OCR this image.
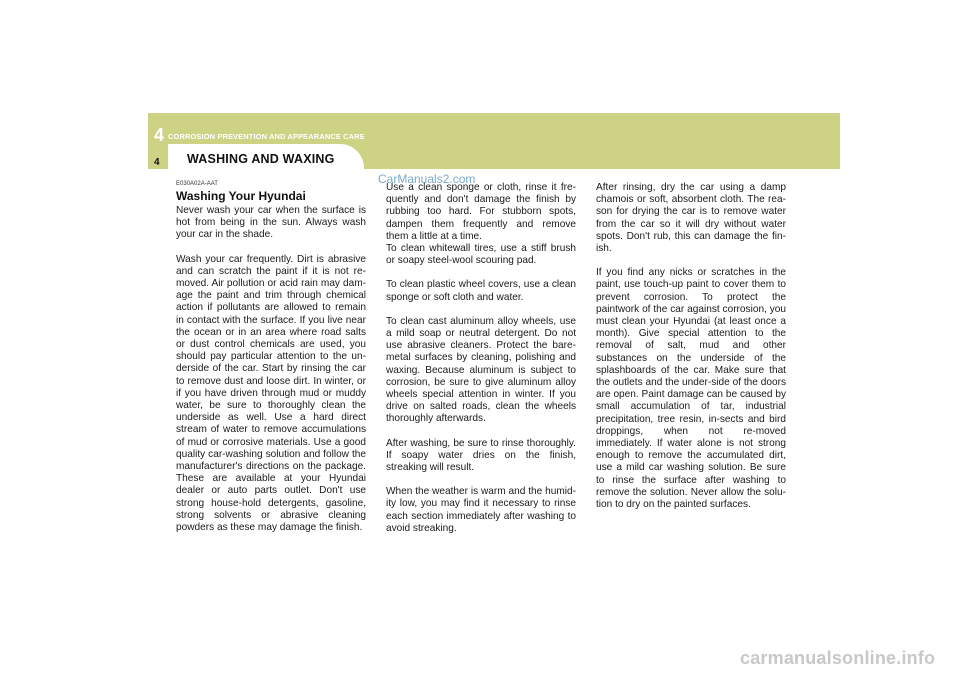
4 CORROSION PREVENTION AND APPEARANCE CARE
4 WASHING AND WAXING
CarManuals2.com
E030A02A-AAT
Washing Your Hyundai

Never wash your car when the surface is hot from being in the sun. Always wash your car in the shade.

Wash your car frequently. Dirt is abrasive and can scratch the paint if it is not re-moved. Air pollution or acid rain may dam-age the paint and trim through chemical action if pollutants are allowed to remain in contact with the surface. If you live near the ocean or in an area where road salts or dust control chemicals are used, you should pay particular attention to the un-derside of the car. Start by rinsing the car to remove dust and loose dirt. In winter, or if you have driven through mud or muddy water, be sure to thoroughly clean the underside as well. Use a hard direct stream of water to remove accumulations of mud or corrosive materials. Use a good quality car-washing solution and follow the manufacturer's directions on the package. These are available at your Hyundai dealer or auto parts outlet. Don't use strong house-hold detergents, gasoline, strong solvents or abrasive cleaning powders as these may damage the finish.

Use a clean sponge or cloth, rinse it fre-quently and don't damage the finish by rubbing too hard. For stubborn spots, dampen them frequently and remove them a little at a time.

To clean whitewall tires, use a stiff brush or soapy steel-wool scouring pad.

To clean plastic wheel covers, use a clean sponge or soft cloth and water.

To clean cast aluminum alloy wheels, use a mild soap or neutral detergent. Do not use abrasive cleaners. Protect the bare-metal surfaces by cleaning, polishing and waxing. Because aluminum is subject to corrosion, be sure to give aluminum alloy wheels special attention in winter. If you drive on salted roads, clean the wheels thoroughly afterwards.

After washing, be sure to rinse thoroughly. If soapy water dries on the finish, streaking will result.

When the weather is warm and the humid-ity low, you may find it necessary to rinse each section immediately after washing to avoid streaking.

After rinsing, dry the car using a damp chamois or soft, absorbent cloth. The rea-son for drying the car is to remove water from the car so it will dry without water spots. Don't rub, this can damage the fin-ish.

If you find any nicks or scratches in the paint, use touch-up paint to cover them to prevent corrosion. To protect the paintwork of the car against corrosion, you must clean your Hyundai (at least once a month). Give special attention to the removal of salt, mud and other substances on the underside of the splashboards of the car. Make sure that the outlets and the under-side of the doors are open. Paint damage can be caused by small accumulation of tar, industrial precipitation, tree resin, in-sects and bird droppings, when not re-moved immediately. If water alone is not strong enough to remove the accumulated dirt, use a mild car washing solution. Be sure to rinse the surface after washing to remove the solution. Never allow the solu-tion to dry on the painted surfaces.

carmanualsonline.info
